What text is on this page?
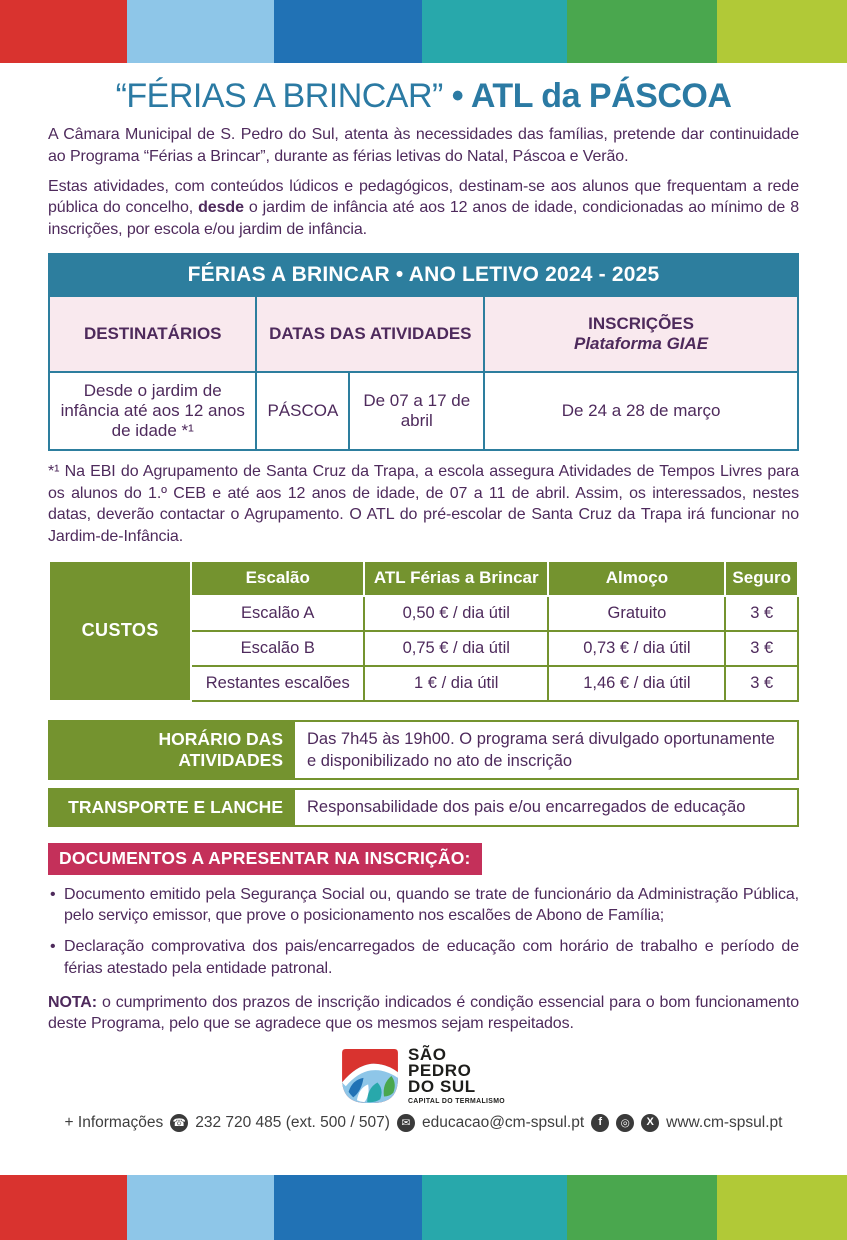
“FÉRIAS A BRINCAR” • ATL da PÁSCOA

A Câmara Municipal de S. Pedro do Sul, atenta às necessidades das famílias, pretende dar continuidade ao Programa “Férias a Brincar”, durante as férias letivas do Natal, Páscoa e Verão.

Estas atividades, com conteúdos lúdicos e pedagógicos, destinam-se aos alunos que frequentam a rede pública do concelho, desde o jardim de infância até aos 12 anos de idade, condicionadas ao mínimo de 8 inscrições, por escola e/ou jardim de infância.

FÉRIAS A BRINCAR • ANO LETIVO 2024 - 2025			
DESTINATÁRIOS	DATAS DAS ATIVIDADES		INSCRIÇÕES
Plataforma GIAE

Desde o jardim de infância até aos 12 anos de idade *¹	PÁSCOA	De 07 a 17 de abril	De 24 a 28 de março

*¹ Na EBI do Agrupamento de Santa Cruz da Trapa, a escola assegura Atividades de Tempos Livres para os alunos do 1.º CEB e até aos 12 anos de idade, de 07 a 11 de abril. Assim, os interessados, nestes datas, deverão contactar o Agrupamento. O ATL do pré-escolar de Santa Cruz da Trapa irá funcionar no Jardim-de-Infância.

CUSTOS	Escalão	ATL Férias a Brincar	Almoço	Seguro
	Escalão A	0,50 € / dia útil	Gratuito	3 €
	Escalão B	0,75 € / dia útil	0,73 € / dia útil	3 €
	Restantes escalões	1 € / dia útil	1,46 € / dia útil	3 €
HORÁRIO DAS ATIVIDADES
Das 7h45 às 19h00. O programa será divulgado oportunamente e disponibilizado no ato de inscrição
TRANSPORTE E LANCHE	Responsabilidade dos pais e/ou encarregados de educação
DOCUMENTOS A APRESENTAR NA INSCRIÇÃO:
• Documento emitido pela Segurança Social ou, quando se trate de funcionário da Administração Pública, pelo serviço emissor, que prove o posicionamento nos escalões de Abono de Família;
• Declaração comprovativa dos pais/encarregados de educação com horário de trabalho e período de férias atestado pela entidade patronal.

NOTA: o cumprimento dos prazos de inscrição indicados é condição essencial para o bom funcionamento deste Programa, pelo que se agradece que os mesmos sejam respeitados.

SÃO
PEDRO
DO SUL
CAPITAL DO TERMALISMO
+ Informações ☎ 232 720 485 (ext. 500 / 507)	✉ educacao@cm-spsul.pt	f	◎	X www.cm-spsul.pt
